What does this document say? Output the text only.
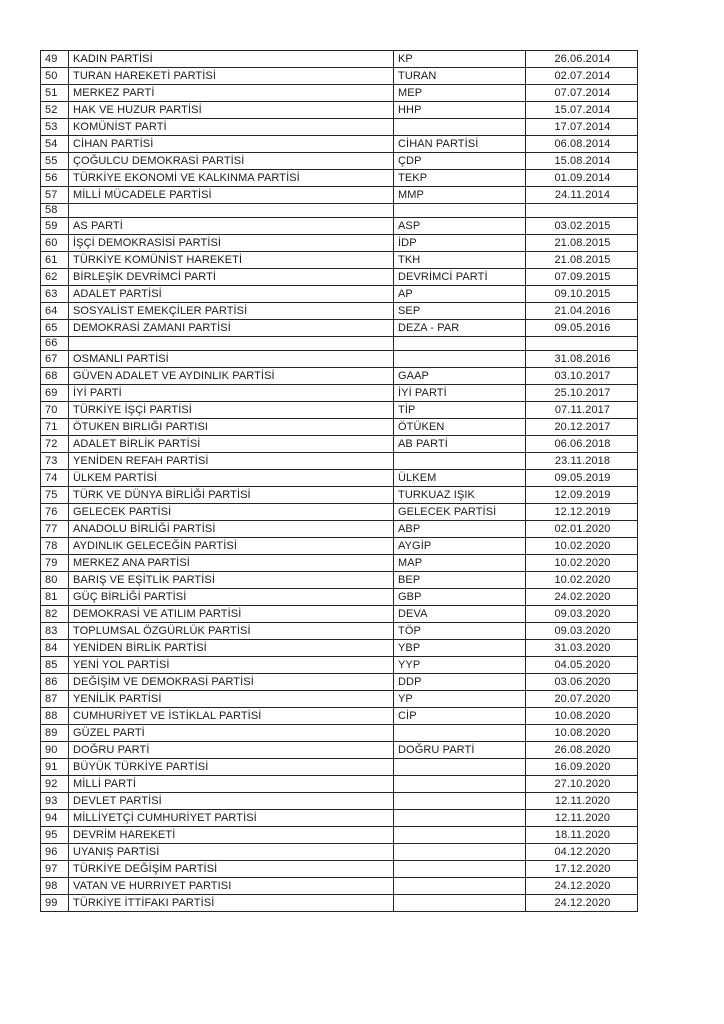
49	KADIN PARTİSİ	KP	26.06.2014
50	TURAN HAREKETİ PARTİSİ	TURAN	02.07.2014
51	MERKEZ PARTİ	MEP	07.07.2014
52	HAK VE HUZUR PARTİSİ	HHP	15.07.2014
53	KOMÜNİST PARTİ		17.07.2014
54	CİHAN PARTİSİ	CİHAN PARTİSİ	06.08.2014
55	ÇOĞULCU DEMOKRASİ PARTİSİ	ÇDP	15.08.2014
56	TÜRKİYE EKONOMİ VE KALKINMA PARTİSİ	TEKP	01.09.2014
57	MİLLİ MÜCADELE PARTİSİ	MMP	24.11.2014
58			
59	AS PARTİ	ASP	03.02.2015
60	İŞÇİ DEMOKRASİSİ PARTİSİ	İDP	21.08.2015
61	TÜRKİYE KOMÜNİST HAREKETİ	TKH	21.08.2015
62	BİRLEŞİK DEVRİMCİ PARTİ	DEVRİMCİ PARTİ	07.09.2015
63	ADALET PARTİSİ	AP	09.10.2015
64	SOSYALİST EMEKÇİLER PARTİSİ	SEP	21.04.2016
65	DEMOKRASİ ZAMANI PARTİSİ	DEZA - PAR	09.05.2016
66			
67	OSMANLI PARTİSİ		31.08.2016
68	GÜVEN ADALET VE AYDINLIK PARTİSİ	GAAP	03.10.2017
69	İYİ PARTİ	İYİ PARTİ	25.10.2017
70	TÜRKİYE İŞÇİ PARTİSİ	TİP	07.11.2017
71	ÖTUKEN BIRLIĞI PARTISI	ÖTÜKEN	20.12.2017
72	ADALET BİRLİK PARTİSİ	AB PARTİ	06.06.2018
73	YENİDEN REFAH PARTİSİ		23.11.2018
74	ÜLKEM PARTİSİ	ÜLKEM	09.05.2019
75	TÜRK VE DÜNYA BİRLİĞİ PARTİSİ	TURKUAZ IŞIK	12.09.2019
76	GELECEK PARTİSİ	GELECEK PARTİSİ	12.12.2019
77	ANADOLU BİRLİĞİ PARTİSİ	ABP	02.01.2020
78	AYDINLIK GELECEĞİN PARTİSİ	AYGİP	10.02.2020
79	MERKEZ ANA PARTİSİ	MAP	10.02.2020
80	BARIŞ VE EŞİTLİK PARTİSİ	BEP	10.02.2020
81	GÜÇ BİRLİĞİ PARTİSİ	GBP	24.02.2020
82	DEMOKRASİ VE ATILIM PARTİSİ	DEVA	09.03.2020
83	TOPLUMSAL ÖZGÜRLÜK PARTİSİ	TÖP	09.03.2020
84	YENİDEN BİRLİK PARTİSİ	YBP	31.03.2020
85	YENİ YOL PARTİSİ	YYP	04.05.2020
86	DEĞİŞİM VE DEMOKRASİ PARTİSİ	DDP	03.06.2020
87	YENİLİK PARTİSİ	YP	20.07.2020
88	CUMHURİYET VE İSTİKLAL PARTİSİ	CİP	10.08.2020
89	GÜZEL PARTİ		10.08.2020
90	DOĞRU PARTİ	DOĞRU PARTİ	26.08.2020
91	BÜYÜK TÜRKİYE PARTİSİ		16.09.2020
92	MİLLİ PARTİ		27.10.2020
93	DEVLET PARTİSİ		12.11.2020
94	MİLLİYETÇİ CUMHURİYET PARTİSİ		12.11.2020
95	DEVRİM HAREKETİ		18.11.2020
96	UYANIŞ PARTİSİ		04.12.2020
97	TÜRKİYE DEĞİŞİM PARTİSİ		17.12.2020
98	VATAN VE HURRIYET PARTISI		24.12.2020
99	TÜRKİYE İTTİFAKI PARTİSİ		24.12.2020
